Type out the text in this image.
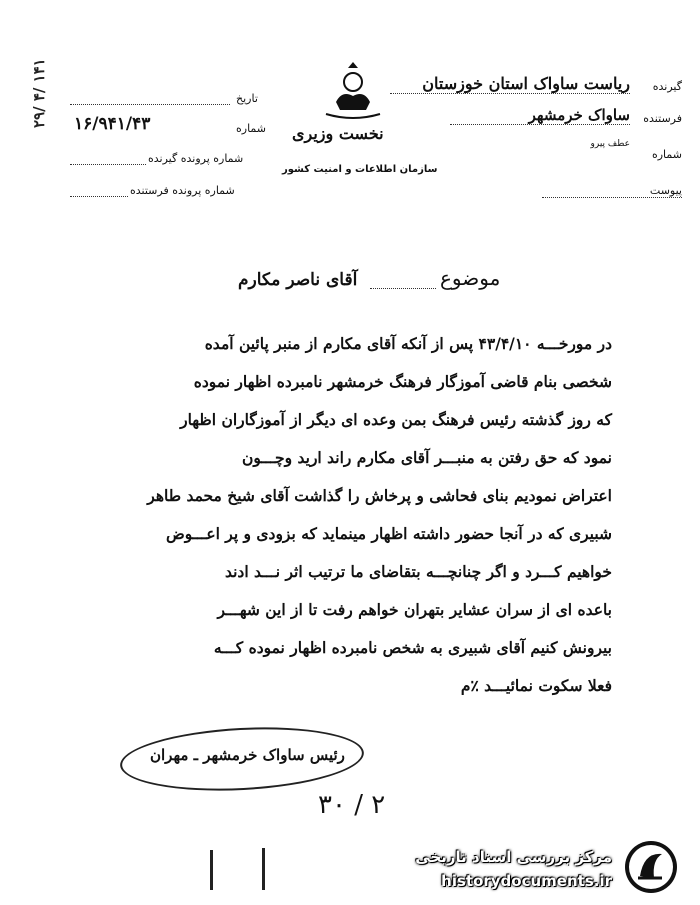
۲۹/ ۴/ ۱۴۱	گیرنده
ریاست ساواک استان خوزستان
فرستنده
ساواک خرمشهر
شماره
عطف پیرو
پیوست
نخست وزیری
سازمان اطلاعات و امنیت کشور
تاریخ
شماره
۱۶/۹۴۱/۴۳
شماره پرونده گیرنده
شماره پرونده فرستنده
موضوع
آقای ناصر مکارم
در مورخـــه ۴۳/۴/۱۰ پس از آنکه آقای مکارم از منبر پائین آمده
شخصی بنام قاضی آموزگار فرهنگ خرمشهر نامبرده اظهار نموده
که روز گذشته رئیس فرهنگ بمن وعده ای دیگر از آموزگاران اظهار
نمود که حق رفتن به منبـــر آقای مکارم راند ارید وچـــون
اعتراض نمودیم بنای فحاشی و پرخاش را گذاشت آقای شیخ محمد طاهر
شبیری که در آنجا حضور داشته اظهار مینماید که بزودی و پر اعـــوض
خواهیم کـــرد و اگر چنانچـــه بتقاضای ما ترتیب اثر نـــد ادند
باعده ای از سران عشایر بتهران خواهم رفت تا از این شهـــر
بیرونش کنیم آقای شبیری به شخص نامبرده اظهار نموده کـــه
فعلا سکوت نمائیـــد ٪م
رئیس ساواک خرمشهر ـ مهران
۳۰ / ۲
مرکز بررسی اسناد تاریخی
historydocuments.ir
